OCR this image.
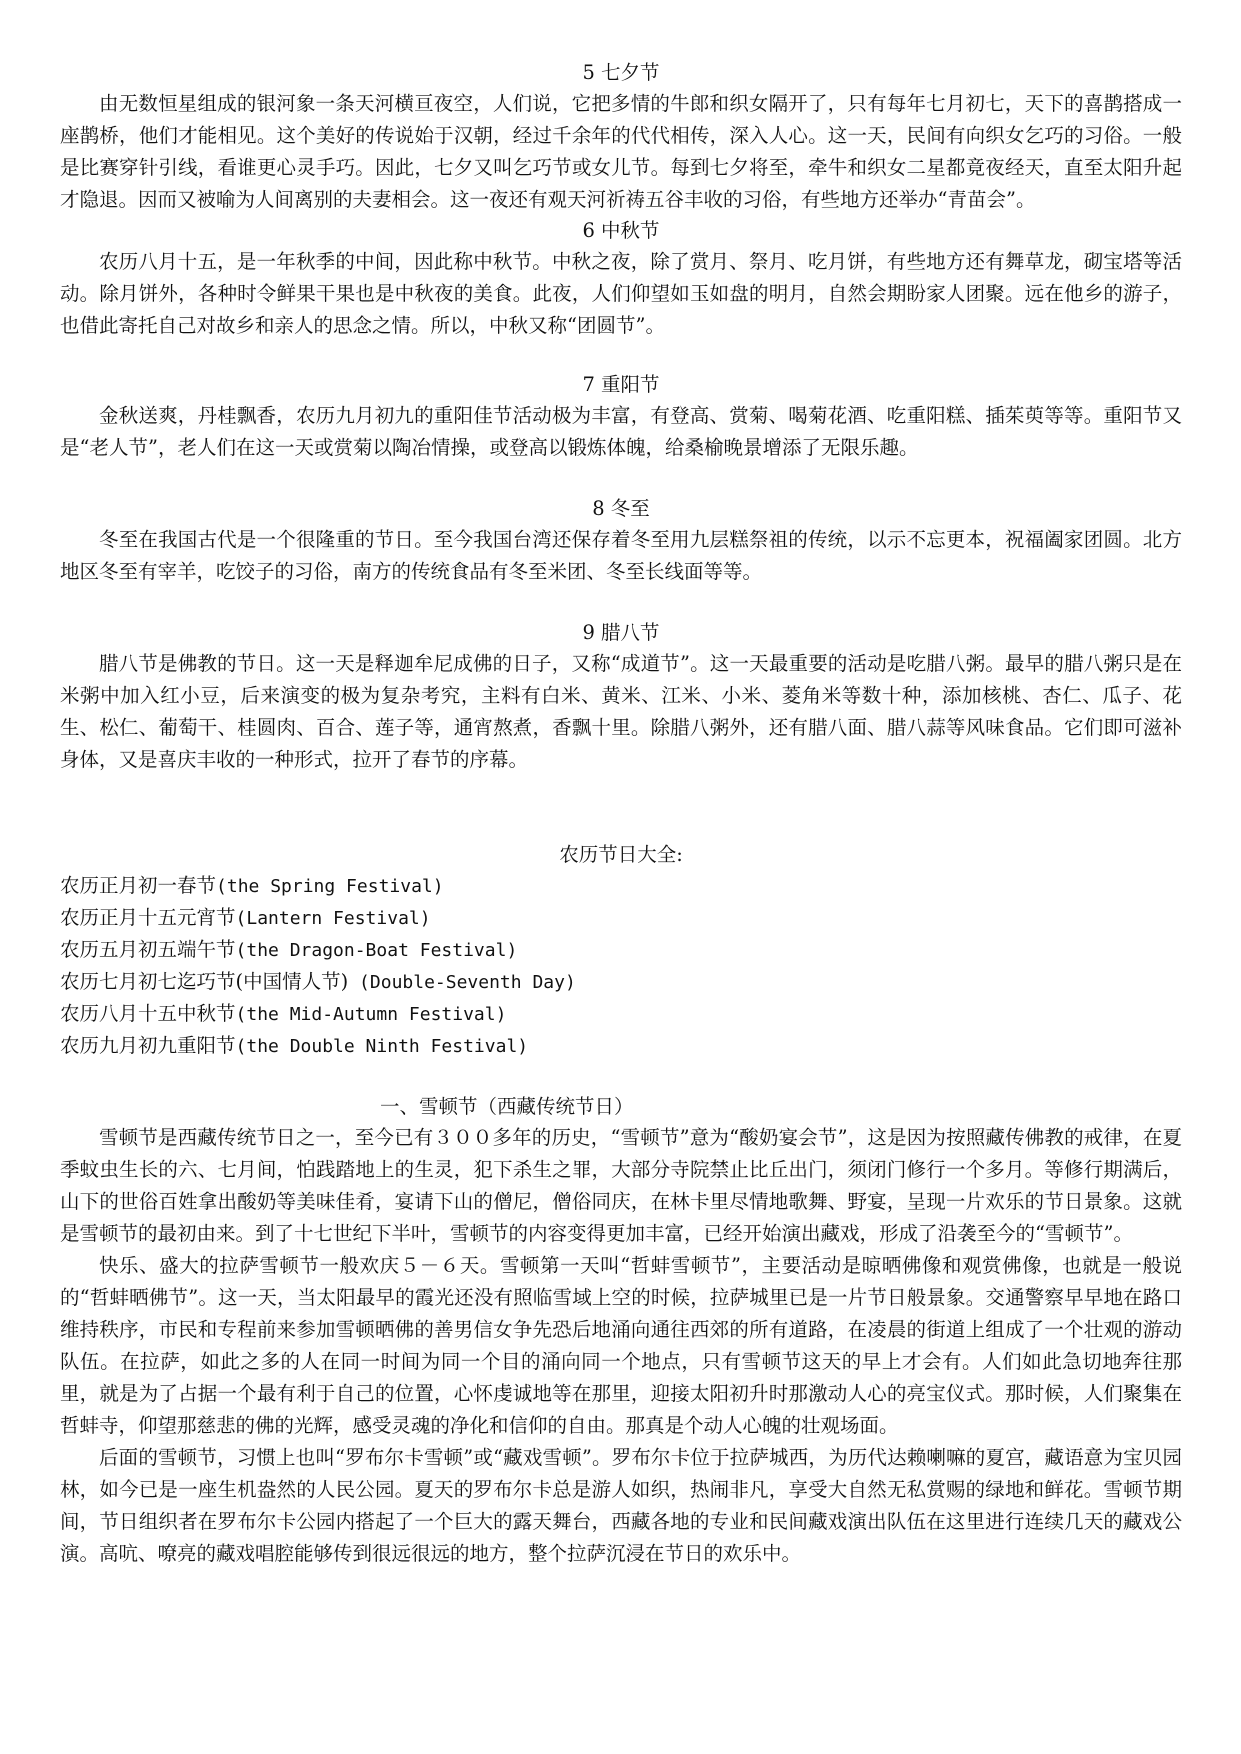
5 七夕节

由无数恒星组成的银河象一条天河横亘夜空，人们说，它把多情的牛郎和织女隔开了，只有每年七月初七，天下的喜鹊搭成一座鹊桥，他们才能相见。这个美好的传说始于汉朝，经过千余年的代代相传，深入人心。这一天，民间有向织女乞巧的习俗。一般是比赛穿针引线，看谁更心灵手巧。因此，七夕又叫乞巧节或女儿节。每到七夕将至，牵牛和织女二星都竟夜经天，直至太阳升起才隐退。因而又被喻为人间离别的夫妻相会。这一夜还有观天河祈祷五谷丰收的习俗，有些地方还举办“青苗会”。

6 中秋节

农历八月十五，是一年秋季的中间，因此称中秋节。中秋之夜，除了赏月、祭月、吃月饼，有些地方还有舞草龙，砌宝塔等活动。除月饼外，各种时令鲜果干果也是中秋夜的美食。此夜，人们仰望如玉如盘的明月，自然会期盼家人团聚。远在他乡的游子，也借此寄托自己对故乡和亲人的思念之情。所以，中秋又称“团圆节”。

7 重阳节

金秋送爽，丹桂飘香，农历九月初九的重阳佳节活动极为丰富，有登高、赏菊、喝菊花酒、吃重阳糕、插茱萸等等。重阳节又是“老人节”，老人们在这一天或赏菊以陶冶情操，或登高以锻炼体魄，给桑榆晚景增添了无限乐趣。

8 冬至

冬至在我国古代是一个很隆重的节日。至今我国台湾还保存着冬至用九层糕祭祖的传统，以示不忘更本，祝福阖家团圆。北方地区冬至有宰羊，吃饺子的习俗，南方的传统食品有冬至米团、冬至长线面等等。

9 腊八节

腊八节是佛教的节日。这一天是释迦牟尼成佛的日子，又称“成道节”。这一天最重要的活动是吃腊八粥。最早的腊八粥只是在米粥中加入红小豆，后来演变的极为复杂考究，主料有白米、黄米、江米、小米、菱角米等数十种，添加核桃、杏仁、瓜子、花生、松仁、葡萄干、桂圆肉、百合、莲子等，通宵熬煮，香飘十里。除腊八粥外，还有腊八面、腊八蒜等风味食品。它们即可滋补身体，又是喜庆丰收的一种形式，拉开了春节的序幕。

农历节日大全:
农历正月初一春节(the Spring Festival)
农历正月十五元宵节(Lantern Festival)
农历五月初五端午节(the Dragon-Boat Festival)
农历七月初七迄巧节(中国情人节) (Double-Seventh Day)
农历八月十五中秋节(the Mid-Autumn Festival)
农历九月初九重阳节(the Double Ninth Festival)
一、雪顿节（西藏传统节日）

雪顿节是西藏传统节日之一，至今已有３００多年的历史，“雪顿节”意为“酸奶宴会节”，这是因为按照藏传佛教的戒律，在夏季蚊虫生长的六、七月间，怕践踏地上的生灵，犯下杀生之罪，大部分寺院禁止比丘出门，须闭门修行一个多月。等修行期满后，山下的世俗百姓拿出酸奶等美味佳肴，宴请下山的僧尼，僧俗同庆，在林卡里尽情地歌舞、野宴，呈现一片欢乐的节日景象。这就是雪顿节的最初由来。到了十七世纪下半叶，雪顿节的内容变得更加丰富，已经开始演出藏戏，形成了沿袭至今的“雪顿节”。

快乐、盛大的拉萨雪顿节一般欢庆５－６天。雪顿第一天叫“哲蚌雪顿节”，主要活动是晾晒佛像和观赏佛像，也就是一般说的“哲蚌晒佛节”。这一天，当太阳最早的霞光还没有照临雪域上空的时候，拉萨城里已是一片节日般景象。交通警察早早地在路口维持秩序，市民和专程前来参加雪顿晒佛的善男信女争先恐后地涌向通往西郊的所有道路，在凌晨的街道上组成了一个壮观的游动队伍。在拉萨，如此之多的人在同一时间为同一个目的涌向同一个地点，只有雪顿节这天的早上才会有。人们如此急切地奔往那里，就是为了占据一个最有利于自己的位置，心怀虔诚地等在那里，迎接太阳初升时那激动人心的亮宝仪式。那时候，人们聚集在哲蚌寺，仰望那慈悲的佛的光辉，感受灵魂的净化和信仰的自由。那真是个动人心魄的壮观场面。

后面的雪顿节，习惯上也叫“罗布尔卡雪顿”或“藏戏雪顿”。罗布尔卡位于拉萨城西，为历代达赖喇嘛的夏宫，藏语意为宝贝园林，如今已是一座生机盎然的人民公园。夏天的罗布尔卡总是游人如织，热闹非凡，享受大自然无私赏赐的绿地和鲜花。雪顿节期间，节日组织者在罗布尔卡公园内搭起了一个巨大的露天舞台，西藏各地的专业和民间藏戏演出队伍在这里进行连续几天的藏戏公演。高吭、嘹亮的藏戏唱腔能够传到很远很远的地方，整个拉萨沉浸在节日的欢乐中。
